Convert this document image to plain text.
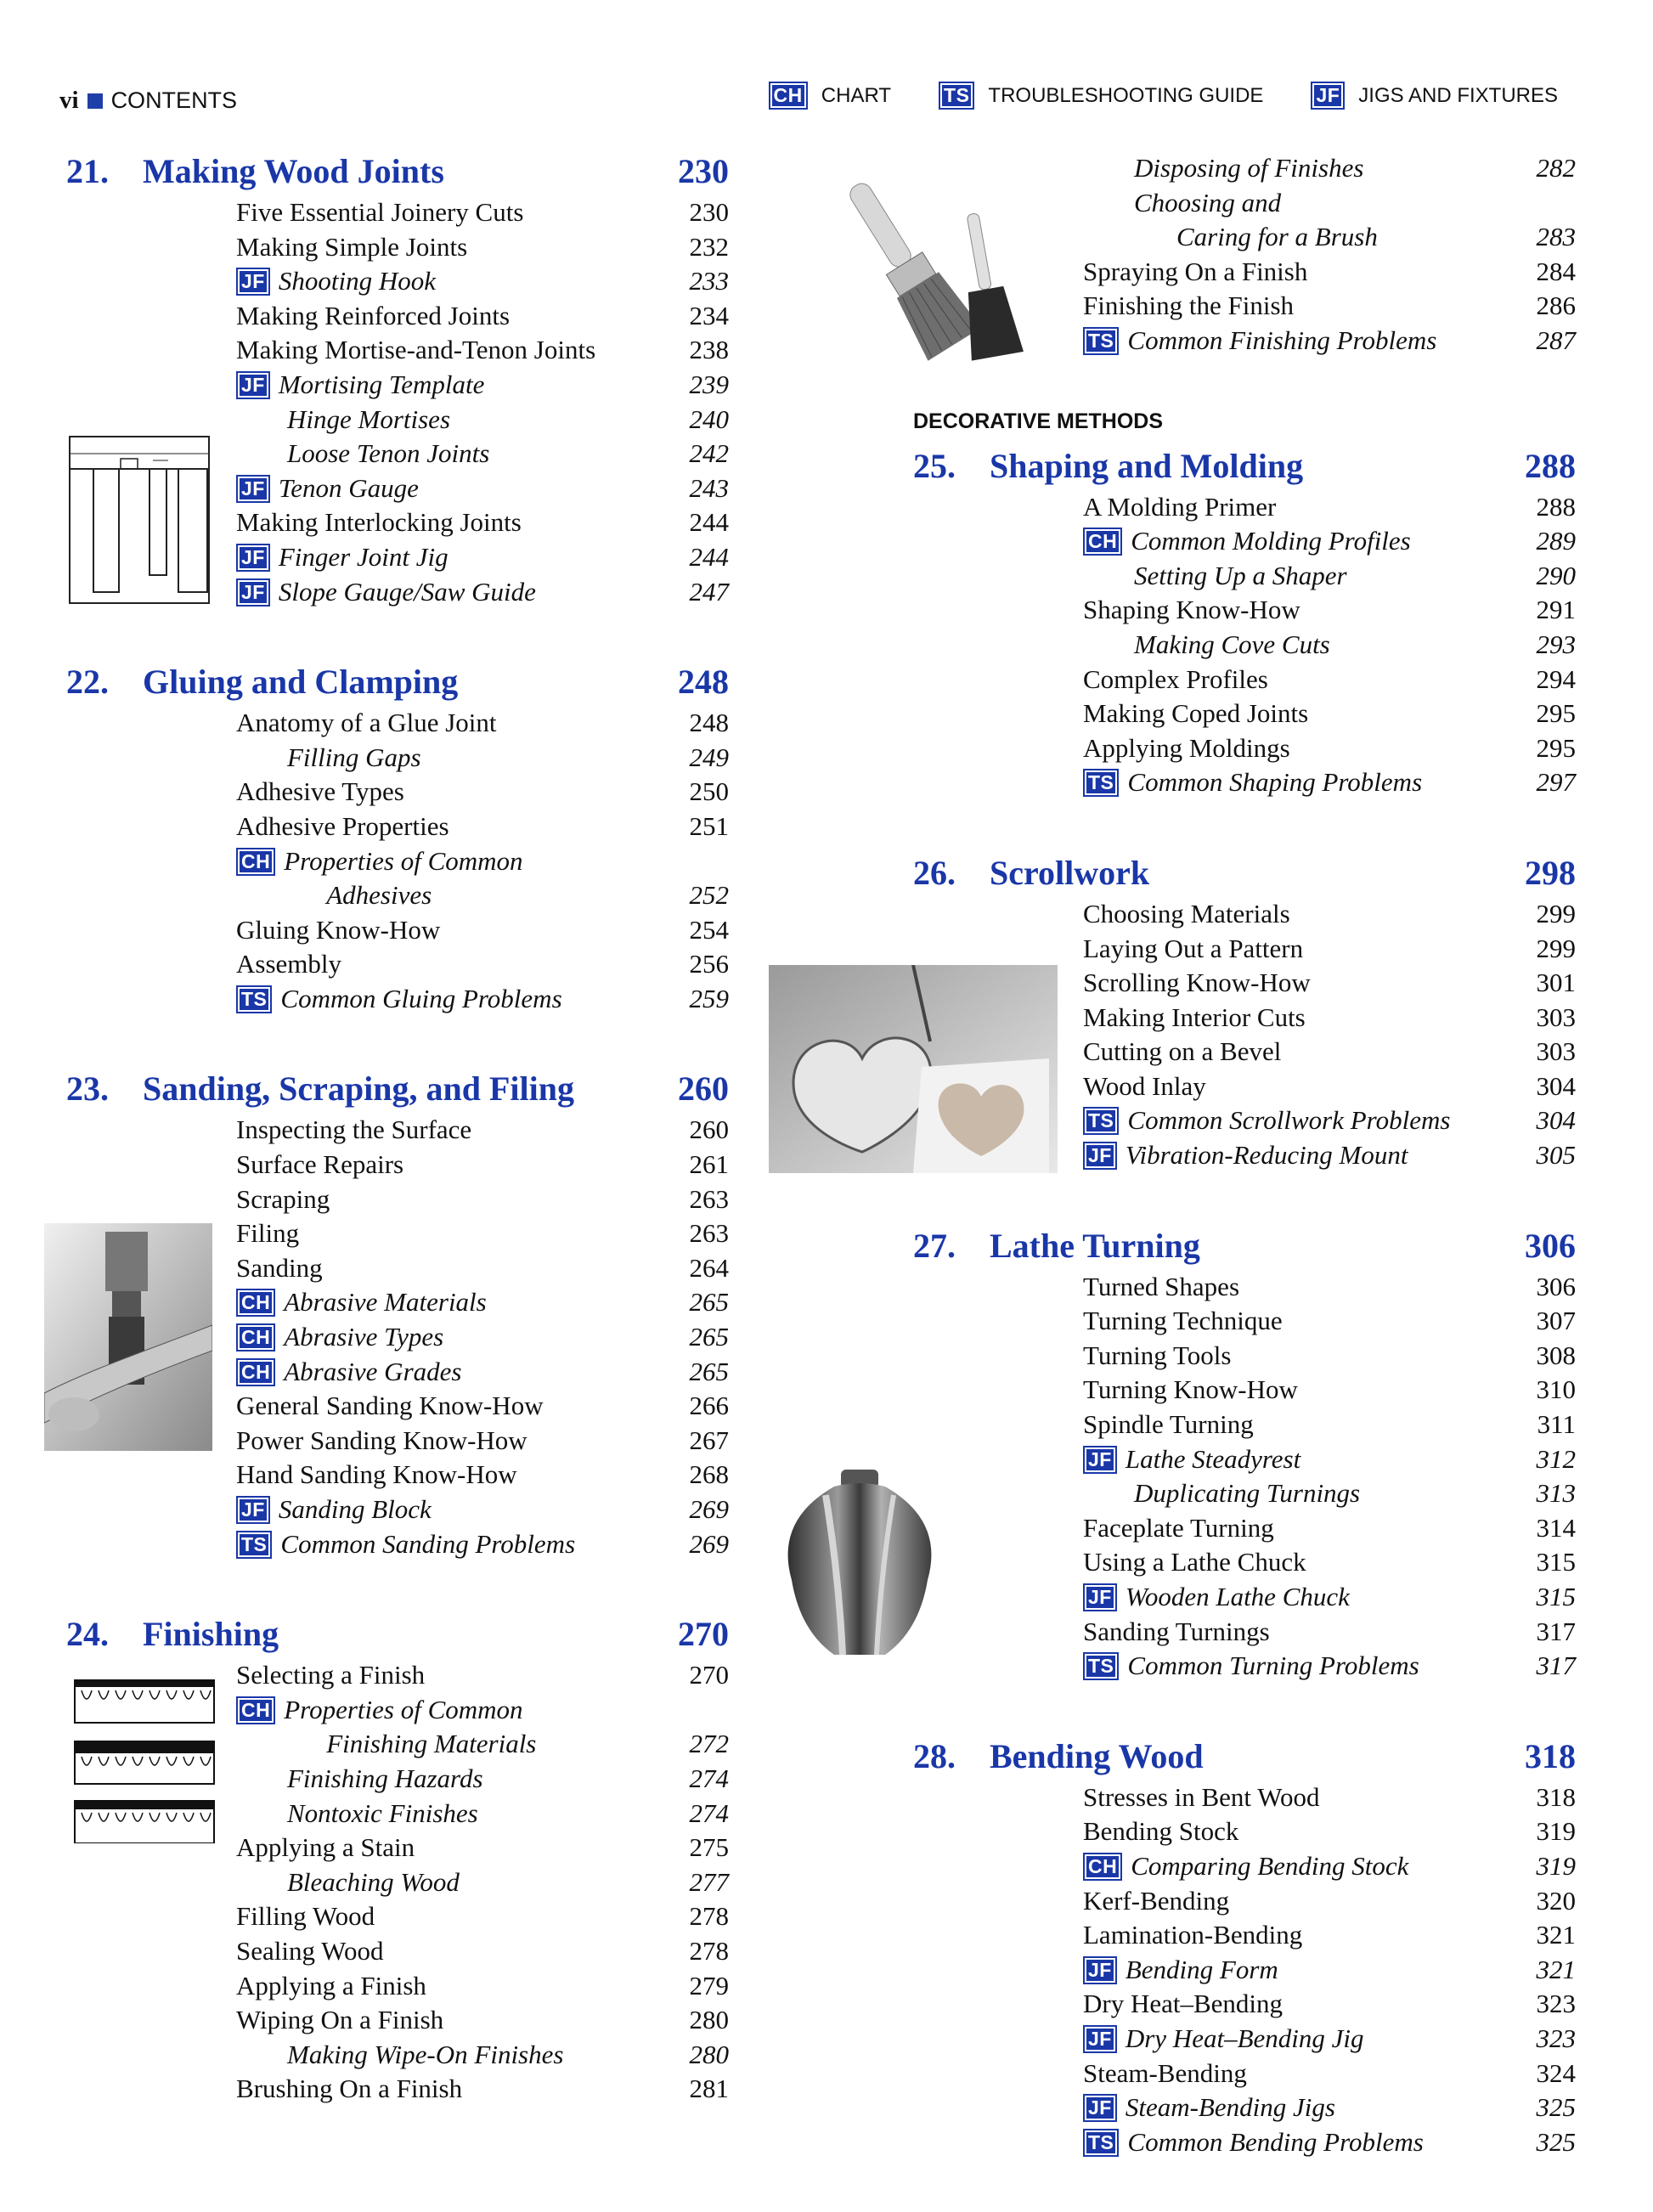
vi CONTENTS	CH CHART	TS TROUBLESHOOTING GUIDE	JF JIGS AND FIXTURES
21.	Making Wood Joints	230
Five Essential Joinery Cuts	230
Making Simple Joints	232
JF Shooting Hook	233
Making Reinforced Joints	234
Making Mortise-and-Tenon Joints	238
JF Mortising Template	239
Hinge Mortises	240
Loose Tenon Joints	242
JF Tenon Gauge	243
Making Interlocking Joints	244
JF Finger Joint Jig	244
JF Slope Gauge/Saw Guide	247
22.	Gluing and Clamping	248
Anatomy of a Glue Joint	248
Filling Gaps	249
Adhesive Types	250
Adhesive Properties	251
CH Properties of Common
Adhesives	252
Gluing Know-How	254
Assembly	256
TS Common Gluing Problems	259
23.	Sanding, Scraping, and Filing	260
Inspecting the Surface	260
Surface Repairs	261
Scraping	263
Filing	263
Sanding	264
CH Abrasive Materials	265
CH Abrasive Types	265
CH Abrasive Grades	265
General Sanding Know-How	266
Power Sanding Know-How	267
Hand Sanding Know-How	268
JF Sanding Block	269
TS Common Sanding Problems	269
24.	Finishing	270
Selecting a Finish	270
CH Properties of Common
Finishing Materials	272
Finishing Hazards	274
Nontoxic Finishes	274
Applying a Stain	275
Bleaching Wood	277
Filling Wood	278
Sealing Wood	278
Applying a Finish	279
Wiping On a Finish	280
Making Wipe-On Finishes	280
Brushing On a Finish	281
Disposing of Finishes	282
Choosing and
Caring for a Brush	283
Spraying On a Finish	284
Finishing the Finish	286
TS Common Finishing Problems	287
DECORATIVE METHODS
25.	Shaping and Molding	288
A Molding Primer	288
CH Common Molding Profiles	289
Setting Up a Shaper	290
Shaping Know-How	291
Making Cove Cuts	293
Complex Profiles	294
Making Coped Joints	295
Applying Moldings	295
TS Common Shaping Problems	297
26.	Scrollwork	298
Choosing Materials	299
Laying Out a Pattern	299
Scrolling Know-How	301
Making Interior Cuts	303
Cutting on a Bevel	303
Wood Inlay	304
TS Common Scrollwork Problems	304
JF Vibration-Reducing Mount	305
27.	Lathe Turning	306
Turned Shapes	306
Turning Technique	307
Turning Tools	308
Turning Know-How	310
Spindle Turning	311
JF Lathe Steadyrest	312
Duplicating Turnings	313
Faceplate Turning	314
Using a Lathe Chuck	315
JF Wooden Lathe Chuck	315
Sanding Turnings	317
TS Common Turning Problems	317
28.	Bending Wood	318
Stresses in Bent Wood	318
Bending Stock	319
CH Comparing Bending Stock	319
Kerf-Bending	320
Lamination-Bending	321
JF Bending Form	321
Dry Heat–Bending	323
JF Dry Heat–Bending Jig	323
Steam-Bending	324
JF Steam-Bending Jigs	325
TS Common Bending Problems	325
